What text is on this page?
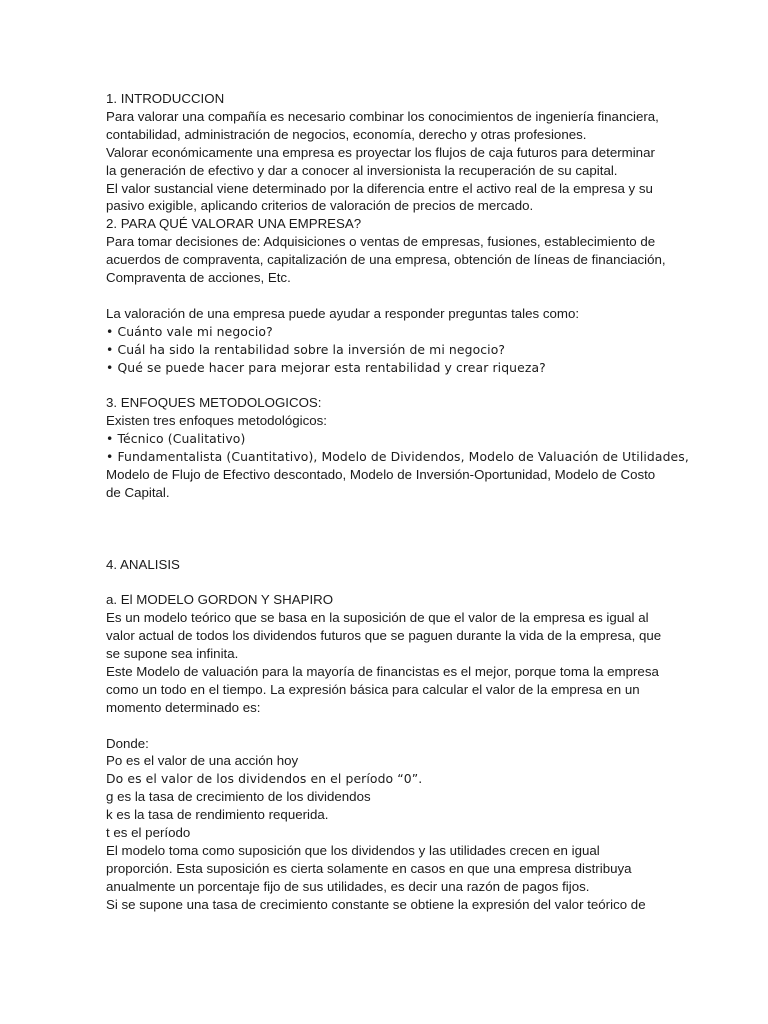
1. INTRODUCCION
Para valorar una compañía es necesario combinar los conocimientos de ingeniería financiera,
contabilidad, administración de negocios, economía, derecho y otras profesiones.
Valorar económicamente una empresa es proyectar los flujos de caja futuros para determinar
la generación de efectivo y dar a conocer al inversionista la recuperación de su capital.
El valor sustancial viene determinado por la diferencia entre el activo real de la empresa y su
pasivo exigible, aplicando criterios de valoración de precios de mercado.
2. PARA QUÉ VALORAR UNA EMPRESA?
Para tomar decisiones de: Adquisiciones o ventas de empresas, fusiones, establecimiento de
acuerdos de compraventa, capitalización de una empresa, obtención de líneas de financiación,
Compraventa de acciones, Etc.
La valoración de una empresa puede ayudar a responder preguntas tales como:
• Cuánto vale mi negocio?
• Cuál ha sido la rentabilidad sobre la inversión de mi negocio?
• Qué se puede hacer para mejorar esta rentabilidad y crear riqueza?
3. ENFOQUES METODOLOGICOS:
Existen tres enfoques metodológicos:
• Técnico (Cualitativo)
• Fundamentalista (Cuantitativo), Modelo de Dividendos, Modelo de Valuación de Utilidades,
Modelo de Flujo de Efectivo descontado, Modelo de Inversión-Oportunidad, Modelo de Costo
de Capital.
4. ANALISIS
a. El MODELO GORDON Y SHAPIRO
Es un modelo teórico que se basa en la suposición de que el valor de la empresa es igual al
valor actual de todos los dividendos futuros que se paguen durante la vida de la empresa, que
se supone sea infinita.
Este Modelo de valuación para la mayoría de financistas es el mejor, porque toma la empresa
como un todo en el tiempo. La expresión básica para calcular el valor de la empresa en un
momento determinado es:
Donde:
Po es el valor de una acción hoy
Do es el valor de los dividendos en el período “0”.
g es la tasa de crecimiento de los dividendos
k es la tasa de rendimiento requerida.
t es el período
El modelo toma como suposición que los dividendos y las utilidades crecen en igual
proporción. Esta suposición es cierta solamente en casos en que una empresa distribuya
anualmente un porcentaje fijo de sus utilidades, es decir una razón de pagos fijos.
Si se supone una tasa de crecimiento constante se obtiene la expresión del valor teórico de
